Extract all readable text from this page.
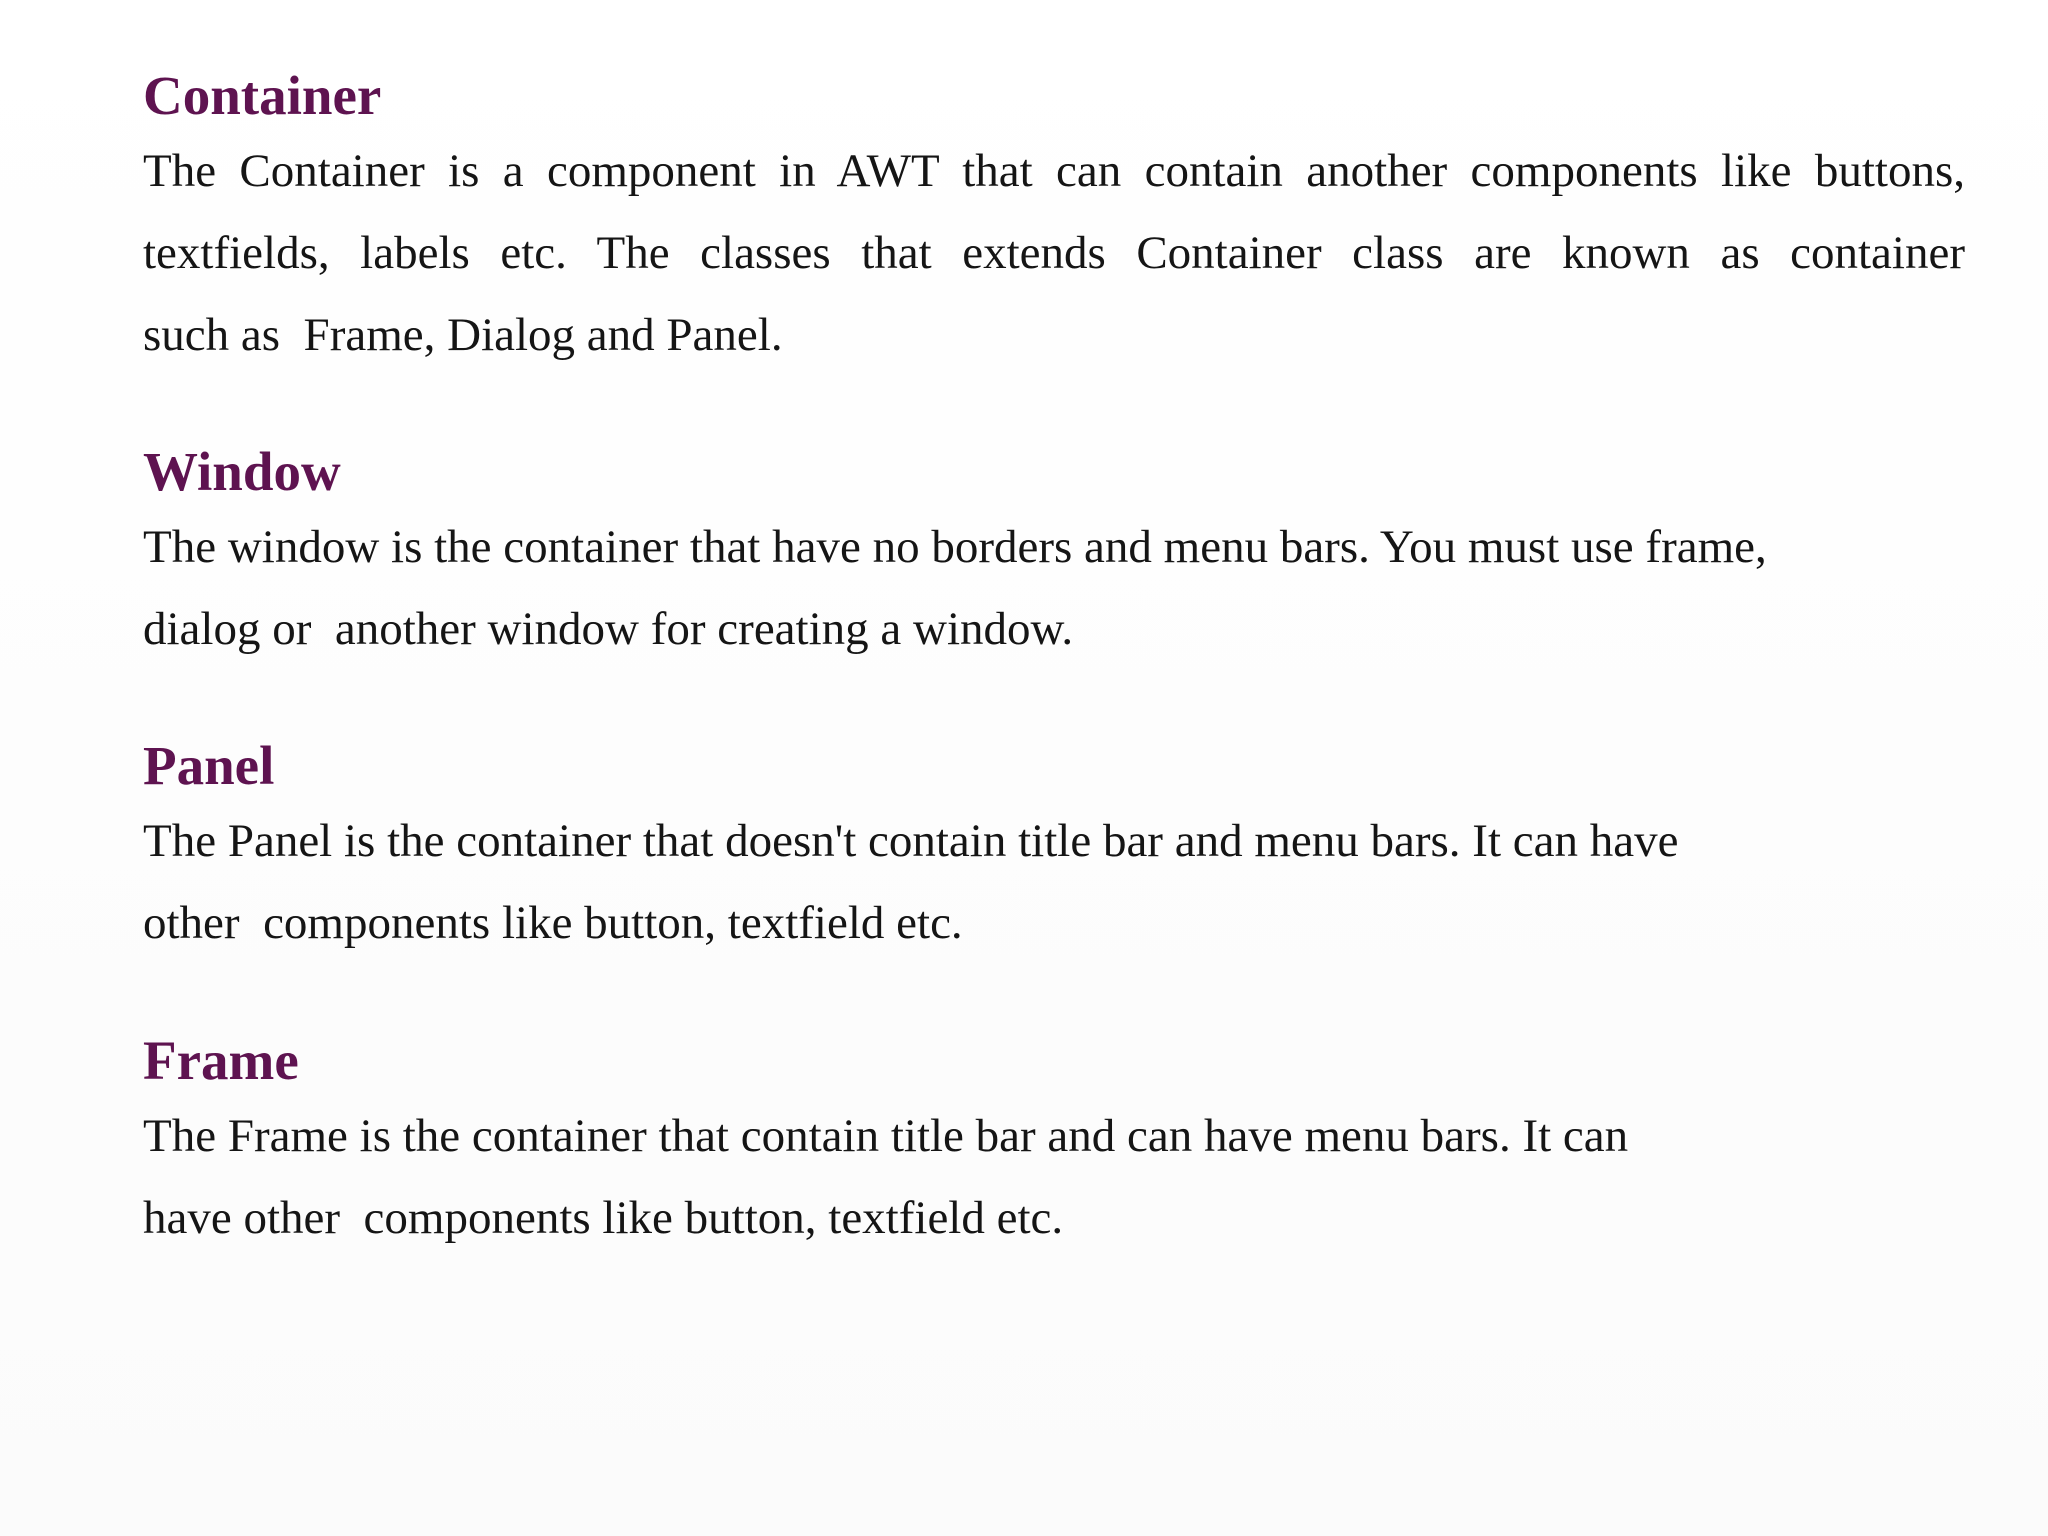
Container
The Container is a component in AWT that can contain another components like buttons,
textfields, labels etc. The classes that extends Container class are known as container
such as  Frame, Dialog and Panel.
Window
The window is the container that have no borders and menu bars. You must use frame,
dialog or  another window for creating a window.
Panel
The Panel is the container that doesn't contain title bar and menu bars. It can have
other  components like button, textfield etc.
Frame
The Frame is the container that contain title bar and can have menu bars. It can
have other  components like button, textfield etc.
